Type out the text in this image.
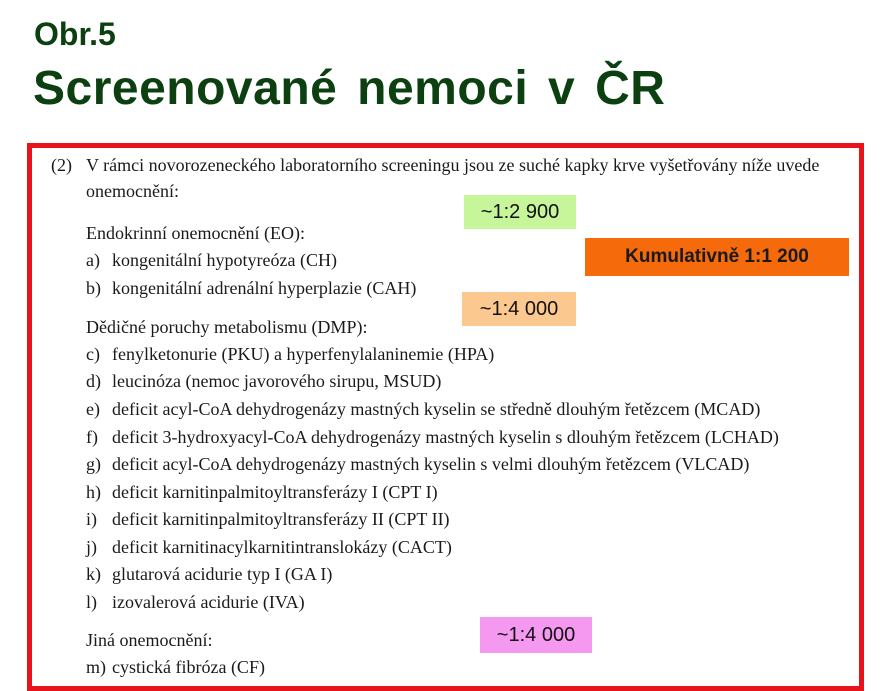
Obr.5
Screenované nemoci v ČR

(2) V rámci novorozeneckého laboratorního screeningu jsou ze suché kapky krve vyšetřovány níže uvede

onemocnění:

Endokrinní onemocnění (EO):

a) kongenitální hypotyreóza (CH)

b) kongenitální adrenální hyperplazie (CAH)

Dědičné poruchy metabolismu (DMP):

c) fenylketonurie (PKU) a hyperfenylalaninemie (HPA)

d) leucinóza (nemoc javorového sirupu, MSUD)

e) deficit acyl-CoA dehydrogenázy mastných kyselin se středně dlouhým řetězcem (MCAD)

f) deficit 3-hydroxyacyl-CoA dehydrogenázy mastných kyselin s dlouhým řetězcem (LCHAD)

g) deficit acyl-CoA dehydrogenázy mastných kyselin s velmi dlouhým řetězcem (VLCAD)

h) deficit karnitinpalmitoyltransferázy I (CPT I)

i) deficit karnitinpalmitoyltransferázy II (CPT II)

j) deficit karnitinacylkarnitintranslokázy (CACT)

k) glutarová acidurie typ I (GA I)

l) izovalerová acidurie (IVA)

Jiná onemocnění:

m) cystická fibróza (CF)

~1:2 900
Kumulativně 1:1 200
~1:4 000
~1:4 000
